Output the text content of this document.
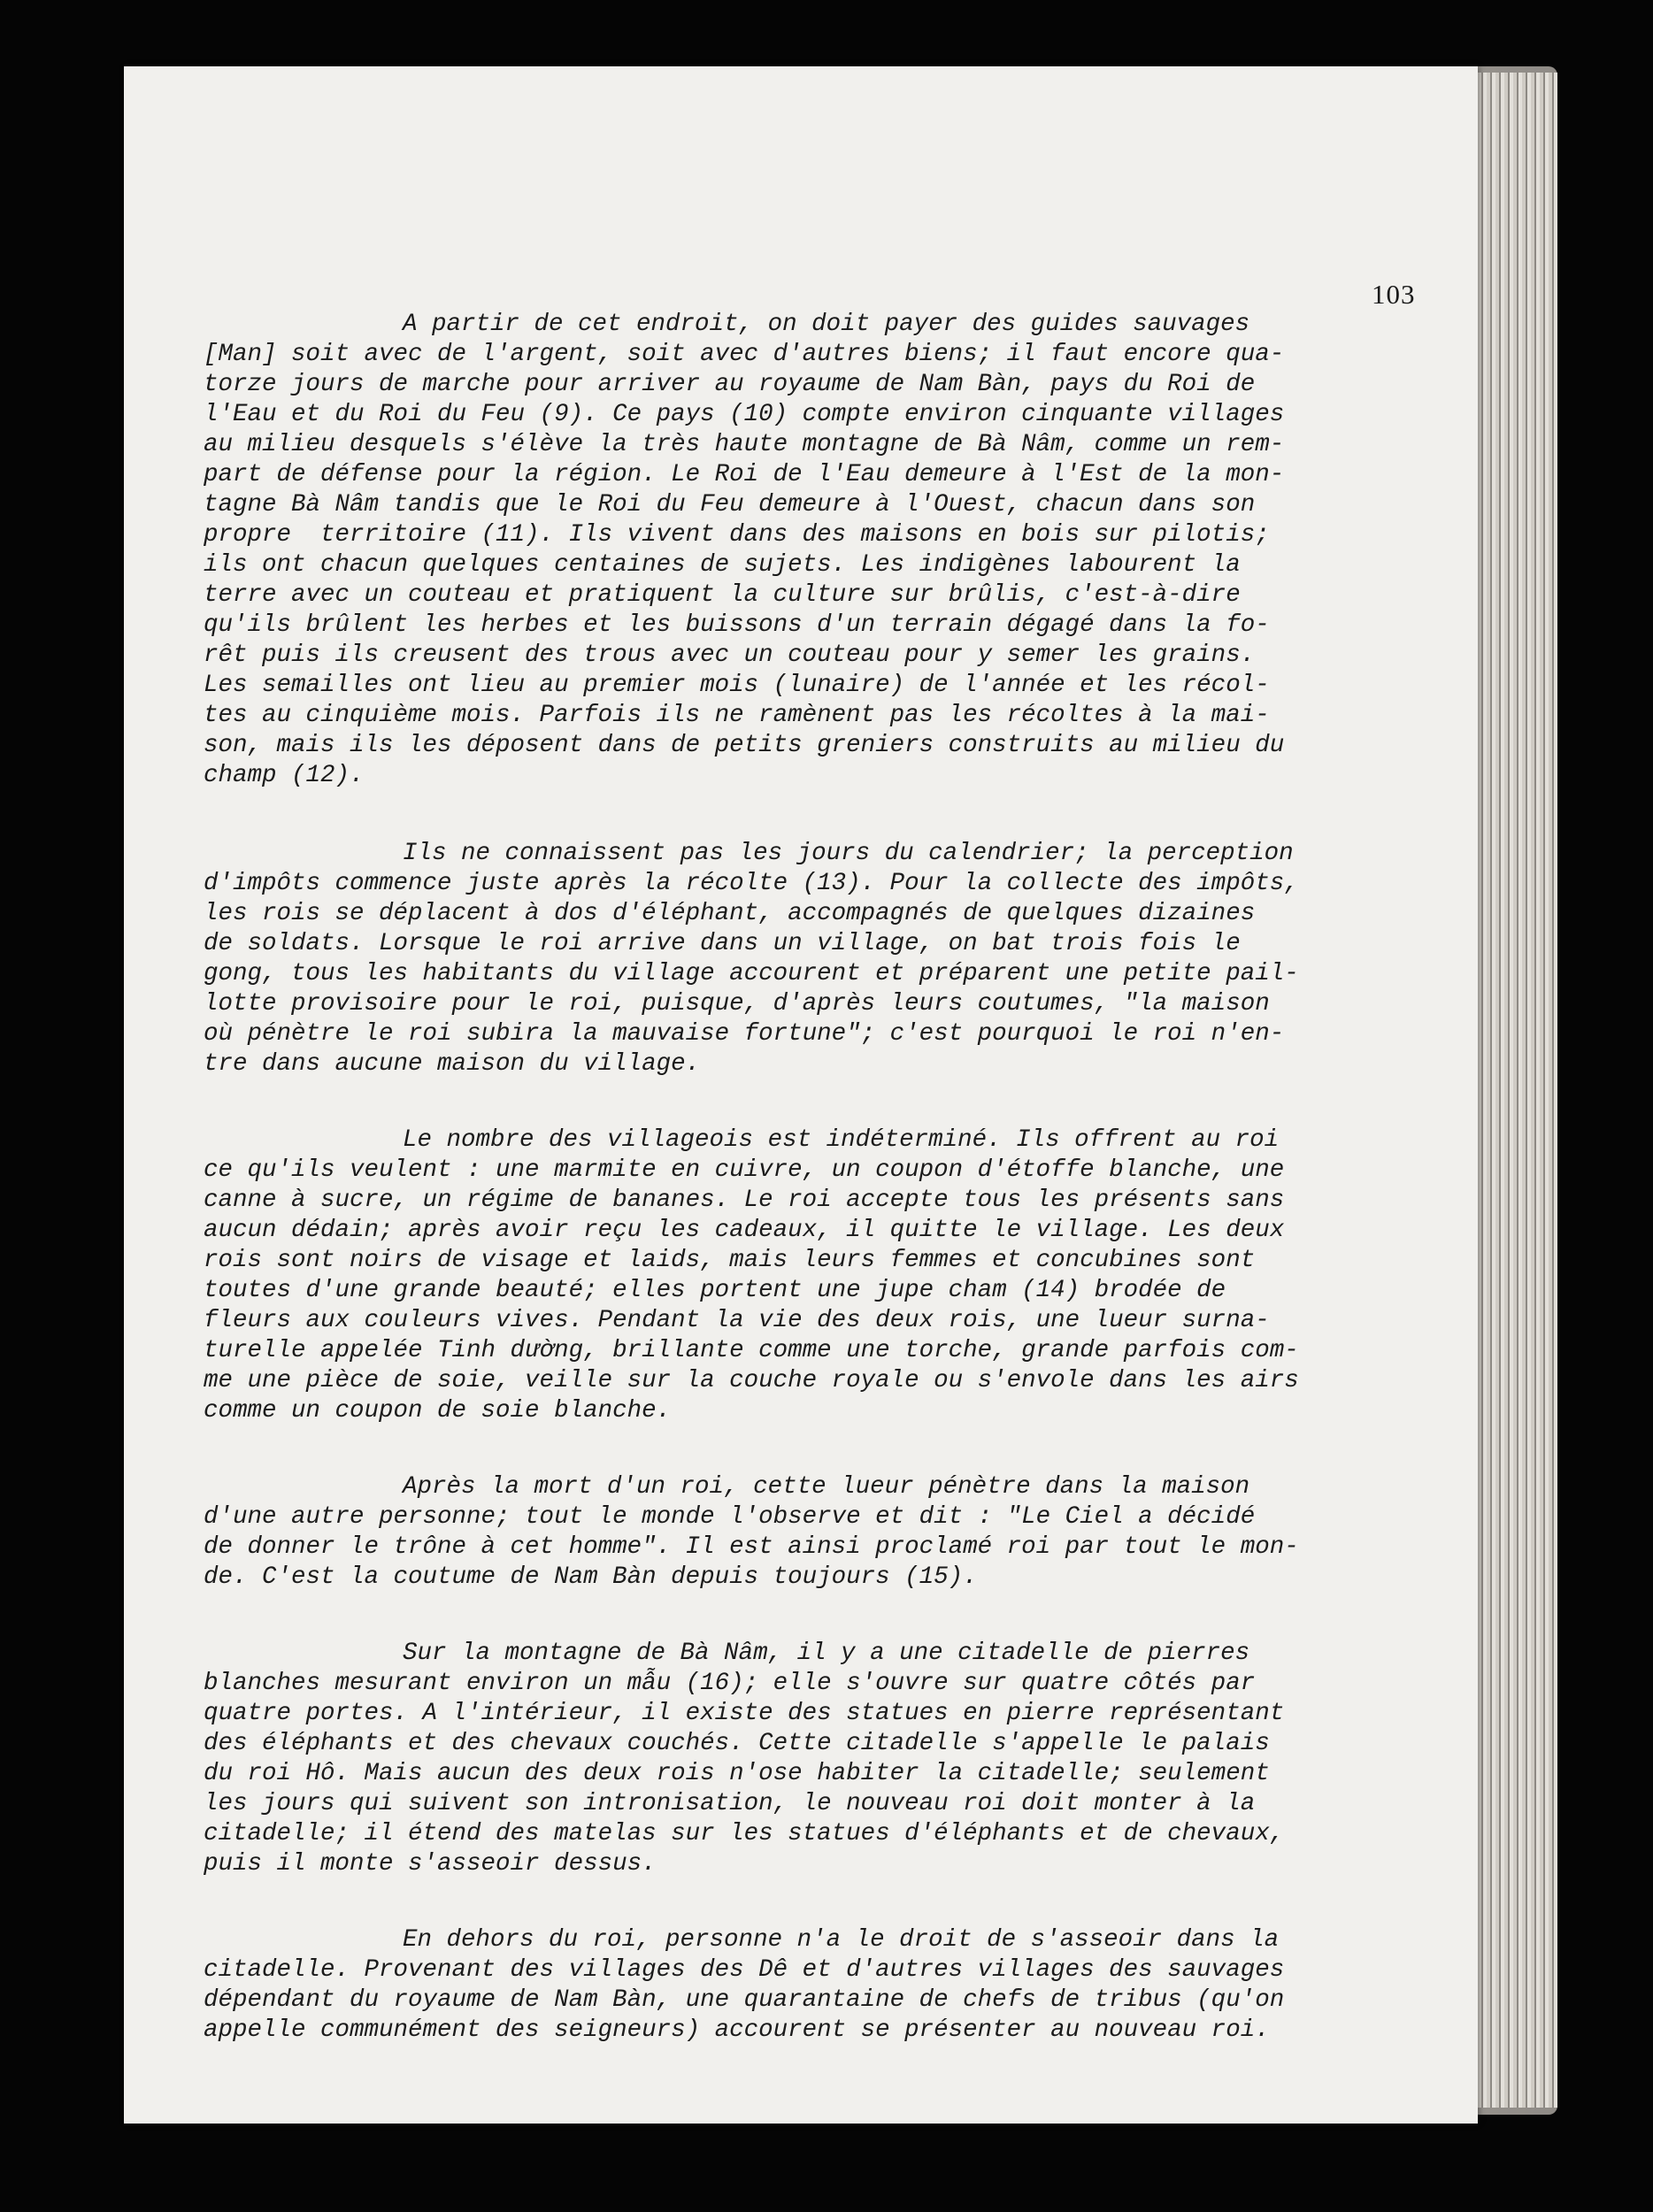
103

A partir de cet endroit, on doit payer des guides sauvages
[Man] soit avec de l'argent, soit avec d'autres biens; il faut encore qua-
torze jours de marche pour arriver au royaume de Nam Bàn, pays du Roi de
l'Eau et du Roi du Feu (9). Ce pays (10) compte environ cinquante villages
au milieu desquels s'élève la très haute montagne de Bà Nâm, comme un rem-
part de défense pour la région. Le Roi de l'Eau demeure à l'Est de la mon-
tagne Bà Nâm tandis que le Roi du Feu demeure à l'Ouest, chacun dans son
propre  territoire (11). Ils vivent dans des maisons en bois sur pilotis;
ils ont chacun quelques centaines de sujets. Les indigènes labourent la
terre avec un couteau et pratiquent la culture sur brûlis, c'est-à-dire
qu'ils brûlent les herbes et les buissons d'un terrain dégagé dans la fo-
rêt puis ils creusent des trous avec un couteau pour y semer les grains.
Les semailles ont lieu au premier mois (lunaire) de l'année et les récol-
tes au cinquième mois. Parfois ils ne ramènent pas les récoltes à la mai-
son, mais ils les déposent dans de petits greniers construits au milieu du
champ (12).

Ils ne connaissent pas les jours du calendrier; la perception
d'impôts commence juste après la récolte (13). Pour la collecte des impôts,
les rois se déplacent à dos d'éléphant, accompagnés de quelques dizaines
de soldats. Lorsque le roi arrive dans un village, on bat trois fois le
gong, tous les habitants du village accourent et préparent une petite pail-
lotte provisoire pour le roi, puisque, d'après leurs coutumes, "la maison
où pénètre le roi subira la mauvaise fortune"; c'est pourquoi le roi n'en-
tre dans aucune maison du village.

Le nombre des villageois est indéterminé. Ils offrent au roi
ce qu'ils veulent : une marmite en cuivre, un coupon d'étoffe blanche, une
canne à sucre, un régime de bananes. Le roi accepte tous les présents sans
aucun dédain; après avoir reçu les cadeaux, il quitte le village. Les deux
rois sont noirs de visage et laids, mais leurs femmes et concubines sont
toutes d'une grande beauté; elles portent une jupe cham (14) brodée de
fleurs aux couleurs vives. Pendant la vie des deux rois, une lueur surna-
turelle appelée Tinh dường, brillante comme une torche, grande parfois com-
me une pièce de soie, veille sur la couche royale ou s'envole dans les airs
comme un coupon de soie blanche.

Après la mort d'un roi, cette lueur pénètre dans la maison
d'une autre personne; tout le monde l'observe et dit : "Le Ciel a décidé
de donner le trône à cet homme". Il est ainsi proclamé roi par tout le mon-
de. C'est la coutume de Nam Bàn depuis toujours (15).

Sur la montagne de Bà Nâm, il y a une citadelle de pierres
blanches mesurant environ un mẫu (16); elle s'ouvre sur quatre côtés par
quatre portes. A l'intérieur, il existe des statues en pierre représentant
des éléphants et des chevaux couchés. Cette citadelle s'appelle le palais
du roi Hô. Mais aucun des deux rois n'ose habiter la citadelle; seulement
les jours qui suivent son intronisation, le nouveau roi doit monter à la
citadelle; il étend des matelas sur les statues d'éléphants et de chevaux,
puis il monte s'asseoir dessus.

En dehors du roi, personne n'a le droit de s'asseoir dans la
citadelle. Provenant des villages des Dê et d'autres villages des sauvages
dépendant du royaume de Nam Bàn, une quarantaine de chefs de tribus (qu'on
appelle communément des seigneurs) accourent se présenter au nouveau roi.
